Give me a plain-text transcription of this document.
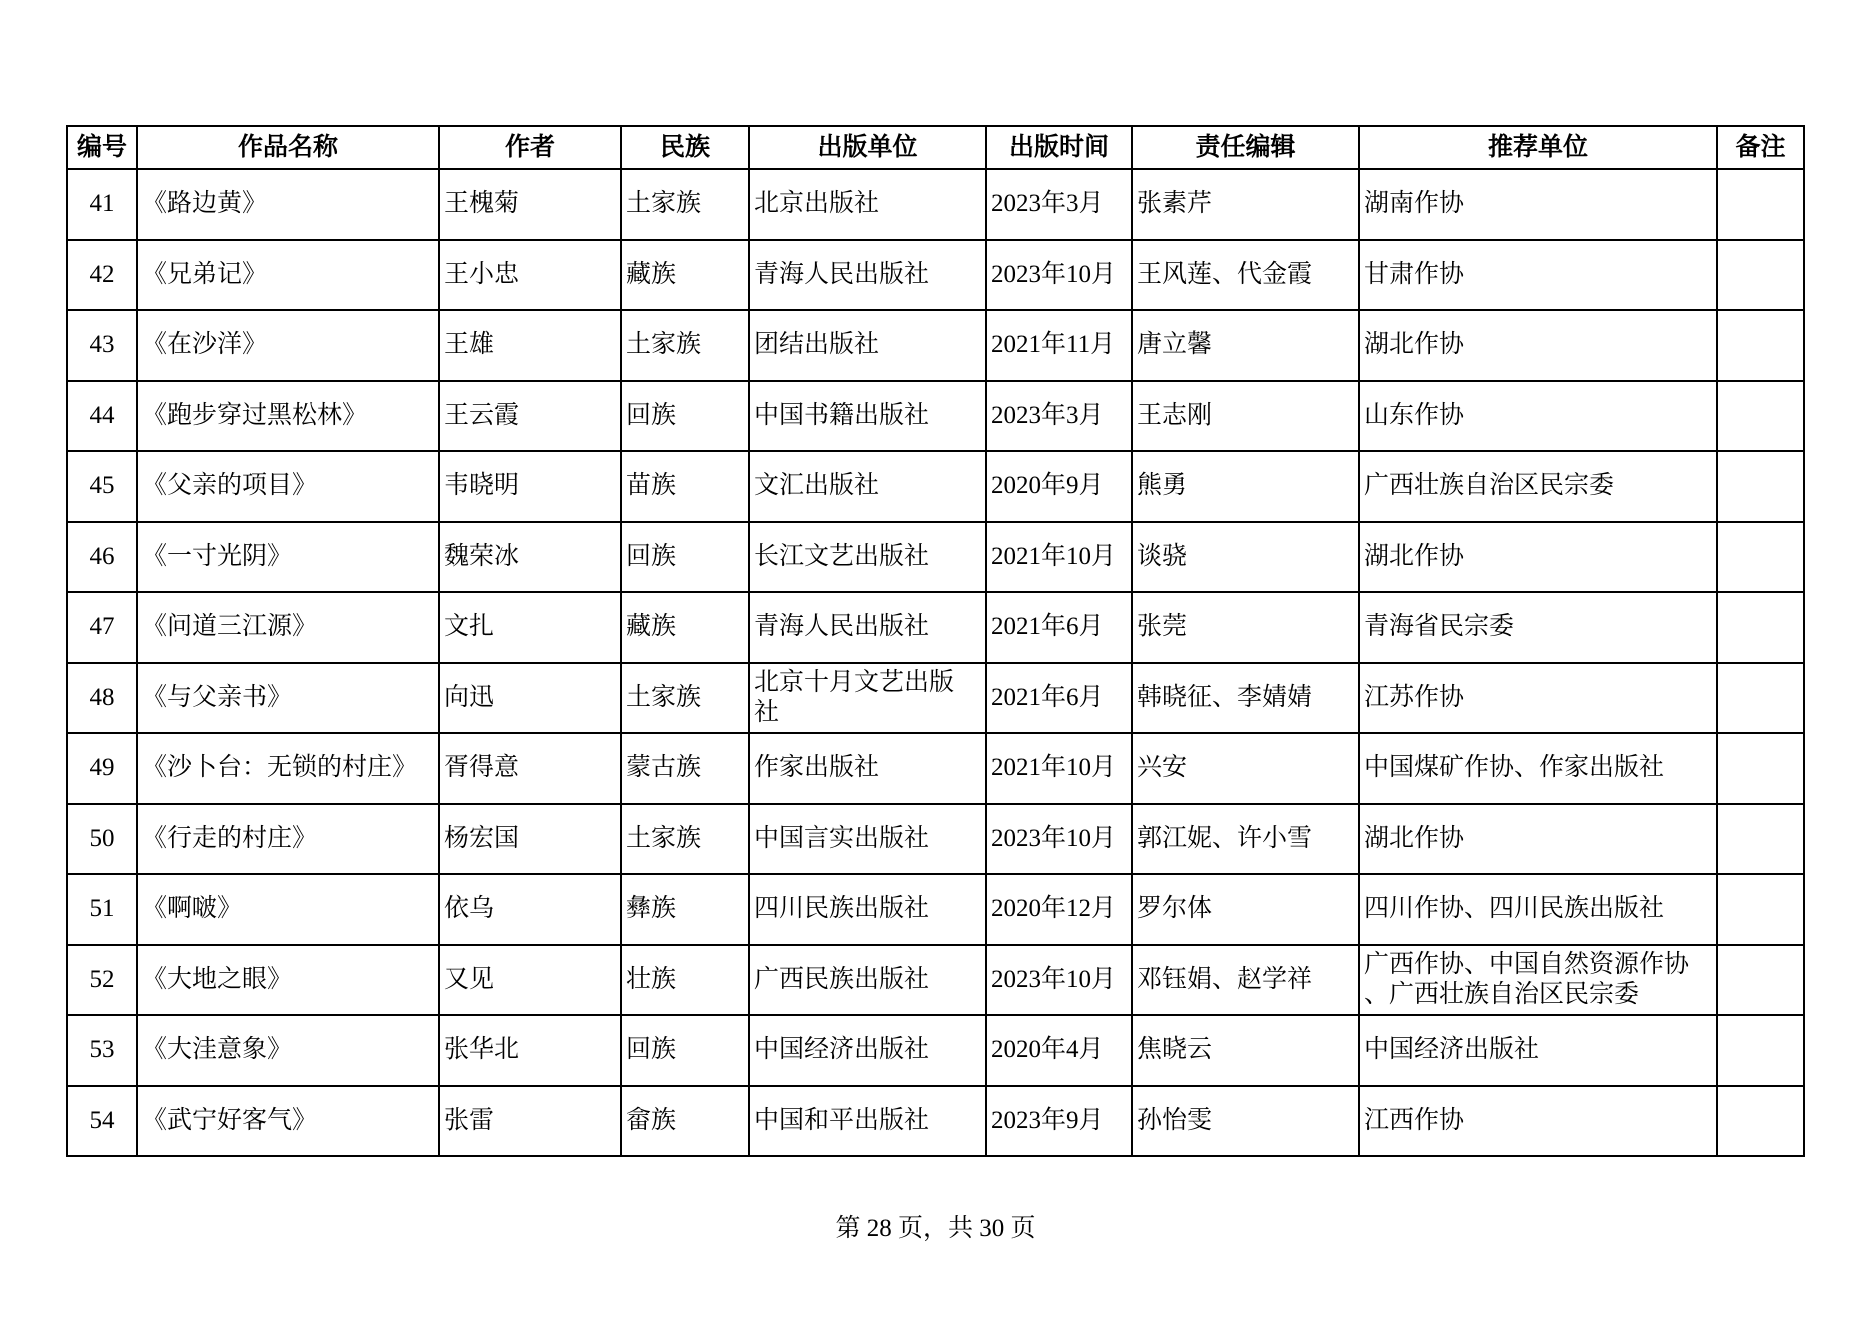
编号	作品名称	作者	民族	出版单位	出版时间	责任编辑	推荐单位	备注

41	《路边黄》	王槐菊	土家族	北京出版社	2023年3月	张素芹	湖南作协	

42	《兄弟记》	王小忠	藏族	青海人民出版社	2023年10月	王风莲、代金霞	甘肃作协	

43	《在沙洋》	王雄	土家族	团结出版社	2021年11月	唐立馨	湖北作协	

44	《跑步穿过黑松林》	王云霞	回族	中国书籍出版社	2023年3月	王志刚	山东作协	

45	《父亲的项目》	韦晓明	苗族	文汇出版社	2020年9月	熊勇	广西壮族自治区民宗委	

46	《一寸光阴》	魏荣冰	回族	长江文艺出版社	2021年10月	谈骁	湖北作协	

47	《问道三江源》	文扎	藏族	青海人民出版社	2021年6月	张莞	青海省民宗委	

48	《与父亲书》	向迅	土家族	北京十月文艺出版社	2021年6月	韩晓征、李婧婧	江苏作协	

49	《沙卜台：无锁的村庄》	胥得意	蒙古族	作家出版社	2021年10月	兴安	中国煤矿作协、作家出版社	

50	《行走的村庄》	杨宏国	土家族	中国言实出版社	2023年10月	郭江妮、许小雪	湖北作协	

51	《啊啵》	依乌	彝族	四川民族出版社	2020年12月	罗尔体	四川作协、四川民族出版社	

52	《大地之眼》	又见	壮族	广西民族出版社	2023年10月	邓钰娟、赵学祥	广西作协、中国自然资源作协、广西壮族自治区民宗委	

53	《大洼意象》	张华北	回族	中国经济出版社	2020年4月	焦晓云	中国经济出版社	

54	《武宁好客气》	张雷	畲族	中国和平出版社	2023年9月	孙怡雯	江西作协	

第 28 页，共 30 页
